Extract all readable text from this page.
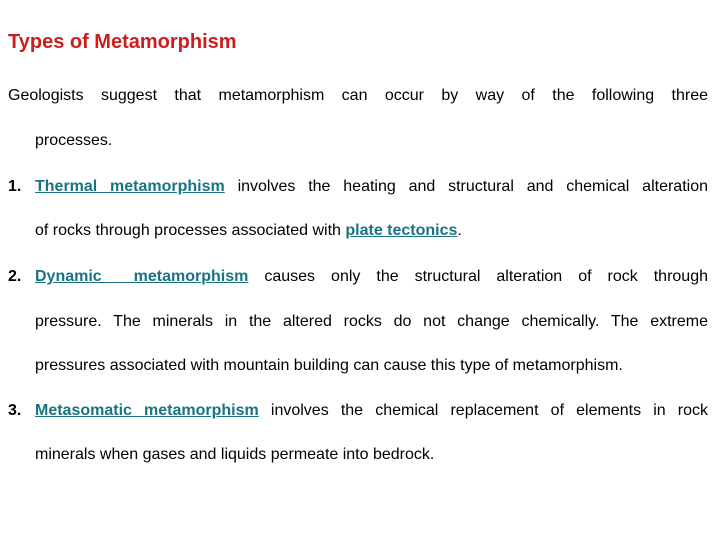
Types of Metamorphism
Geologists suggest that metamorphism can occur by way of the following three
processes.
1. Thermal metamorphism involves the heating and structural and chemical alteration
of rocks through processes associated with plate tectonics.
2. Dynamic  metamorphism causes only the structural alteration of rock through
pressure. The minerals in the altered rocks do not change chemically. The extreme
pressures associated with mountain building can cause this type of metamorphism.
3. Metasomatic metamorphism involves the chemical replacement of elements in rock
minerals when gases and liquids permeate into bedrock.
